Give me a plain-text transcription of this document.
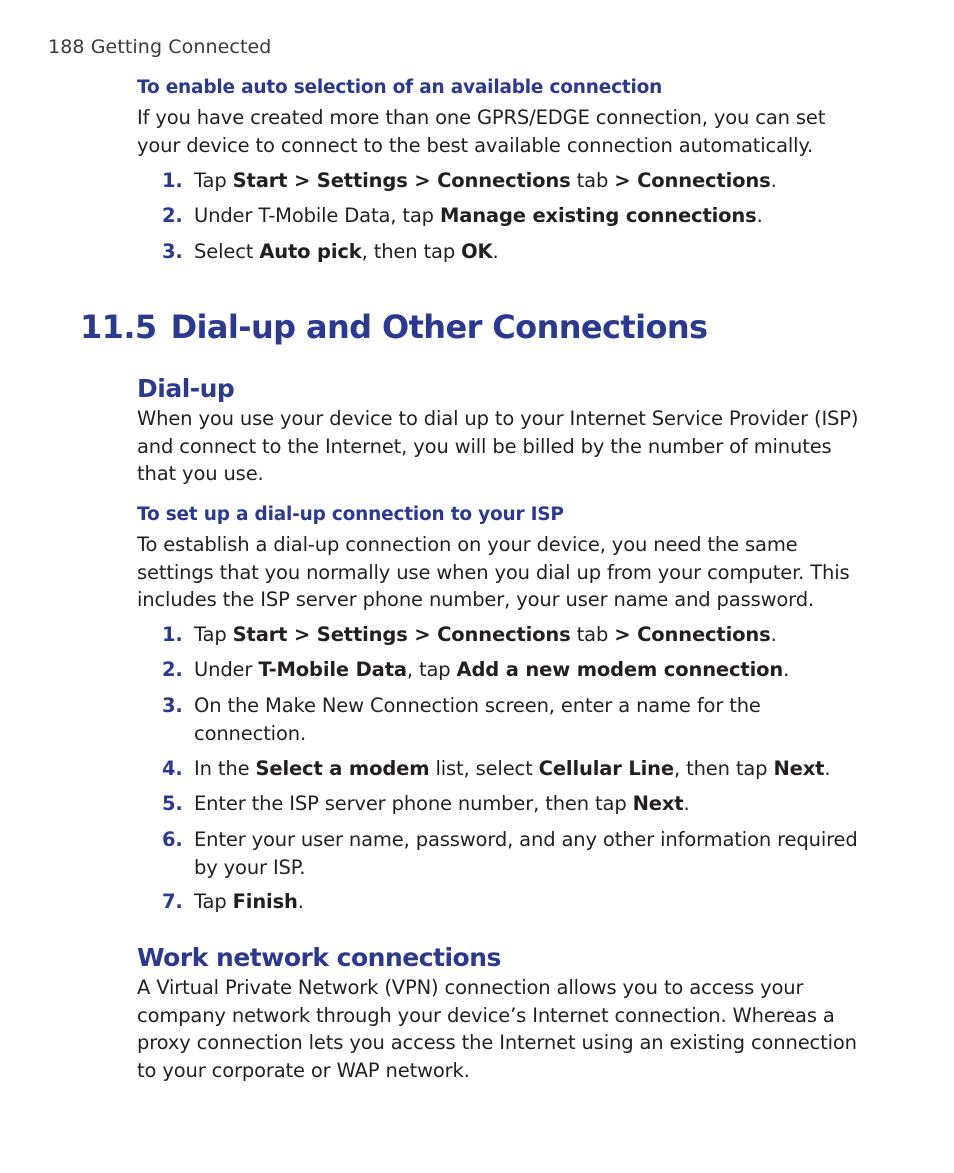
188 Getting Connected
To enable auto selection of an available connection
If you have created more than one GPRS/EDGE connection, you can set your device to connect to the best available connection automatically.
1. Tap Start > Settings > Connections tab > Connections.
2. Under T-Mobile Data, tap Manage existing connections.
3. Select Auto pick, then tap OK.
11.5 Dial-up and Other Connections
Dial-up
When you use your device to dial up to your Internet Service Provider (ISP) and connect to the Internet, you will be billed by the number of minutes that you use.
To set up a dial-up connection to your ISP
To establish a dial-up connection on your device, you need the same settings that you normally use when you dial up from your computer. This includes the ISP server phone number, your user name and password.
1. Tap Start > Settings > Connections tab > Connections.
2. Under T-Mobile Data, tap Add a new modem connection.
3. On the Make New Connection screen, enter a name for the connection.
4. In the Select a modem list, select Cellular Line, then tap Next.
5. Enter the ISP server phone number, then tap Next.
6. Enter your user name, password, and any other information required by your ISP.
7. Tap Finish.
Work network connections
A Virtual Private Network (VPN) connection allows you to access your company network through your device’s Internet connection. Whereas a proxy connection lets you access the Internet using an existing connection to your corporate or WAP network.
